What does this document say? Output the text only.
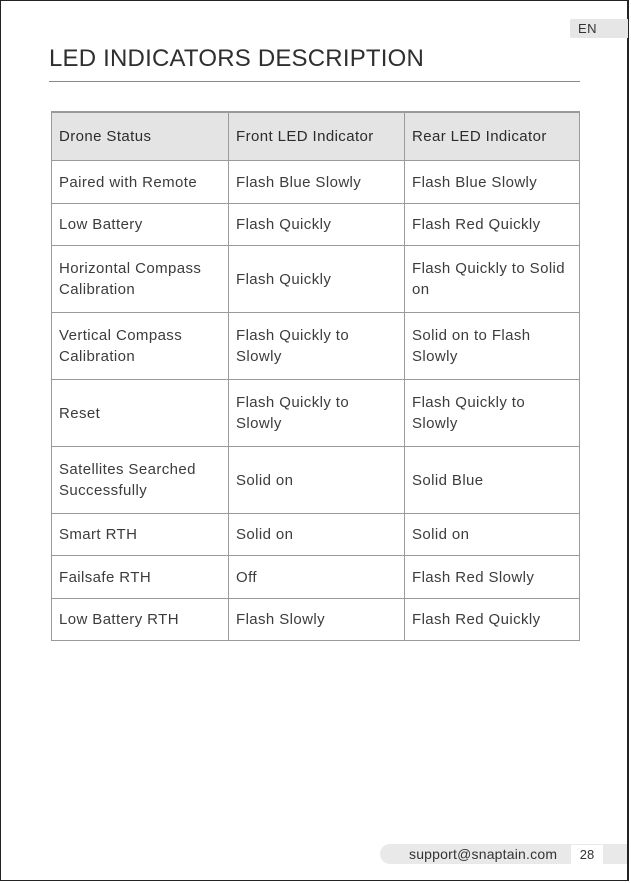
EN
LED INDICATORS DESCRIPTION
Drone Status	Front LED Indicator	Rear LED Indicator
Paired with Remote	Flash Blue Slowly	Flash Blue Slowly
Low Battery	Flash Quickly	Flash Red Quickly
Horizontal Compass Calibration	Flash Quickly	Flash Quickly to Solid on
Vertical Compass Calibration	Flash Quickly to Slowly	Solid on to Flash Slowly
Reset	Flash Quickly to Slowly	Flash Quickly to Slowly
Satellites Searched Successfully	Solid on	Solid Blue
Smart RTH	Solid on	Solid on
Failsafe RTH	Off	Flash Red Slowly
Low Battery RTH	Flash Slowly	Flash Red Quickly
support@snaptain.com	28
